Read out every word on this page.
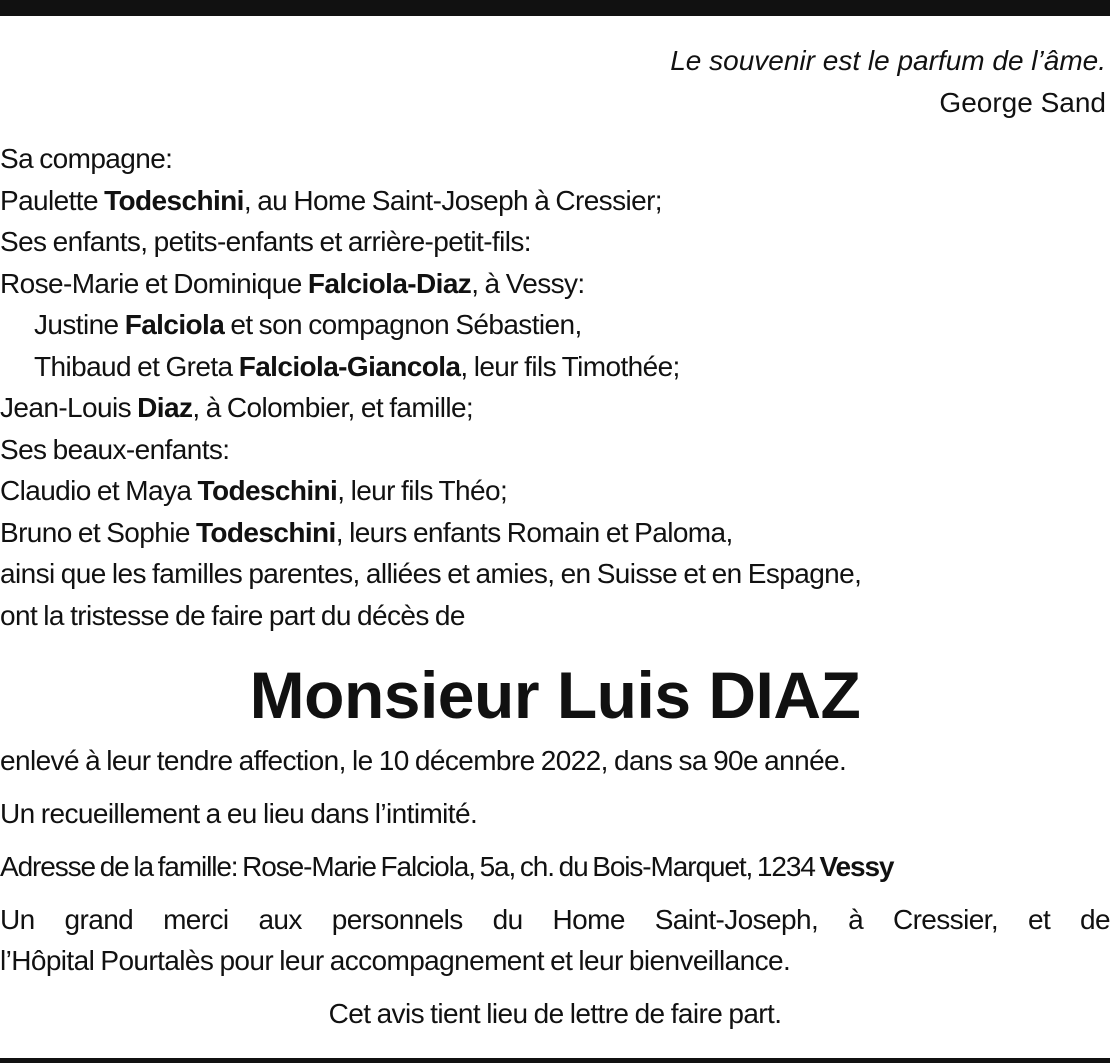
Le souvenir est le parfum de l’âme.
George Sand
Sa compagne:
Paulette Todeschini, au Home Saint-Joseph à Cressier;
Ses enfants, petits-enfants et arrière-petit-fils:
Rose-Marie et Dominique Falciola-Diaz, à Vessy:
Justine Falciola et son compagnon Sébastien,
Thibaud et Greta Falciola-Giancola, leur fils Timothée;
Jean-Louis Diaz, à Colombier, et famille;
Ses beaux-enfants:
Claudio et Maya Todeschini, leur fils Théo;
Bruno et Sophie Todeschini, leurs enfants Romain et Paloma,
ainsi que les familles parentes, alliées et amies, en Suisse et en Espagne,
ont la tristesse de faire part du décès de
Monsieur Luis DIAZ

enlevé à leur tendre affection, le 10 décembre 2022, dans sa 90e année.

Un recueillement a eu lieu dans l’intimité.

Adresse de la famille: Rose-Marie Falciola, 5a, ch. du Bois-Marquet, 1234 Vessy

Un grand merci aux personnels du Home Saint-Joseph, à Cressier, et de
l’Hôpital Pourtalès pour leur accompagnement et leur bienveillance.

Cet avis tient lieu de lettre de faire part.
